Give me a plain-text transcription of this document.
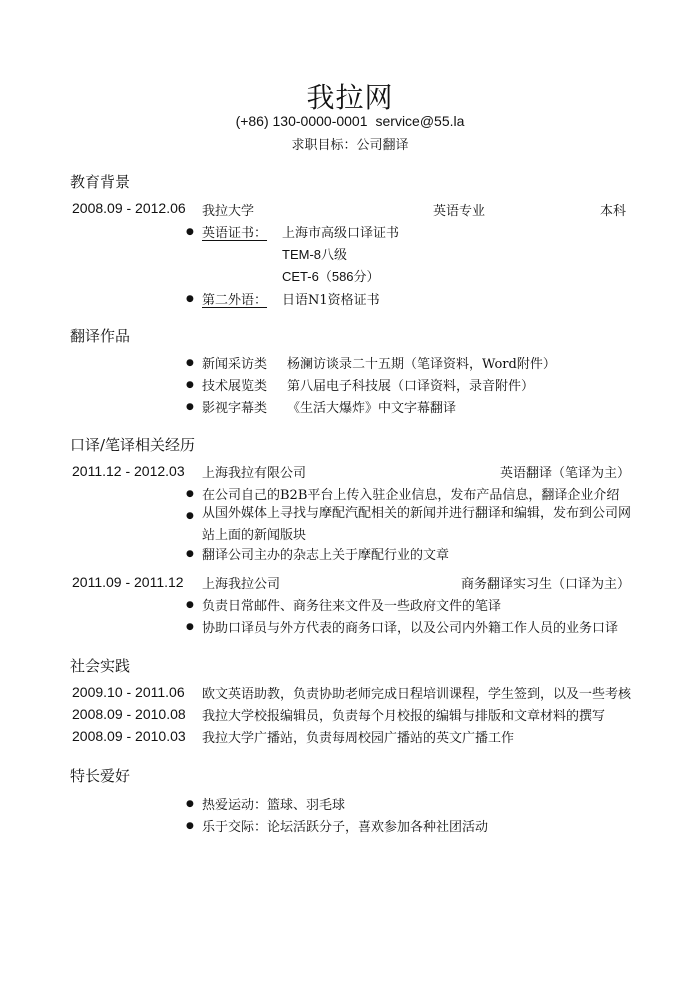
我拉网
(+86) 130-0000-0001 service@55.la
求职目标：公司翻译
教育背景
2008.09 - 2012.06 我拉大学	英语专业	本科
● 英语证书： 上海市高级口译证书
TEM-8八级
CET-6（586分）
● 第二外语： 日语N1资格证书
翻译作品
● 新闻采访类 杨澜访谈录二十五期（笔译资料，Word附件）
● 技术展览类 第八届电子科技展（口译资料，录音附件）
● 影视字幕类 《生活大爆炸》中文字幕翻译
口译/笔译相关经历
2011.12 - 2012.03 上海我拉有限公司	英语翻译（笔译为主）
● 在公司自己的B2B平台上传入驻企业信息，发布产品信息，翻译企业介绍
● 从国外媒体上寻找与摩配汽配相关的新闻并进行翻译和编辑，发布到公司网站上面的新闻版块
● 翻译公司主办的杂志上关于摩配行业的文章
2011.09 - 2011.12 上海我拉公司	商务翻译实习生（口译为主）
● 负责日常邮件、商务往来文件及一些政府文件的笔译
● 协助口译员与外方代表的商务口译，以及公司内外籍工作人员的业务口译
社会实践
2009.10 - 2011.06 欧文英语助教，负责协助老师完成日程培训课程，学生签到，以及一些考核
2008.09 - 2010.08 我拉大学校报编辑员，负责每个月校报的编辑与排版和文章材料的撰写
2008.09 - 2010.03 我拉大学广播站，负责每周校园广播站的英文广播工作
特长爱好
● 热爱运动：篮球、羽毛球
● 乐于交际：论坛活跃分子，喜欢参加各种社团活动
